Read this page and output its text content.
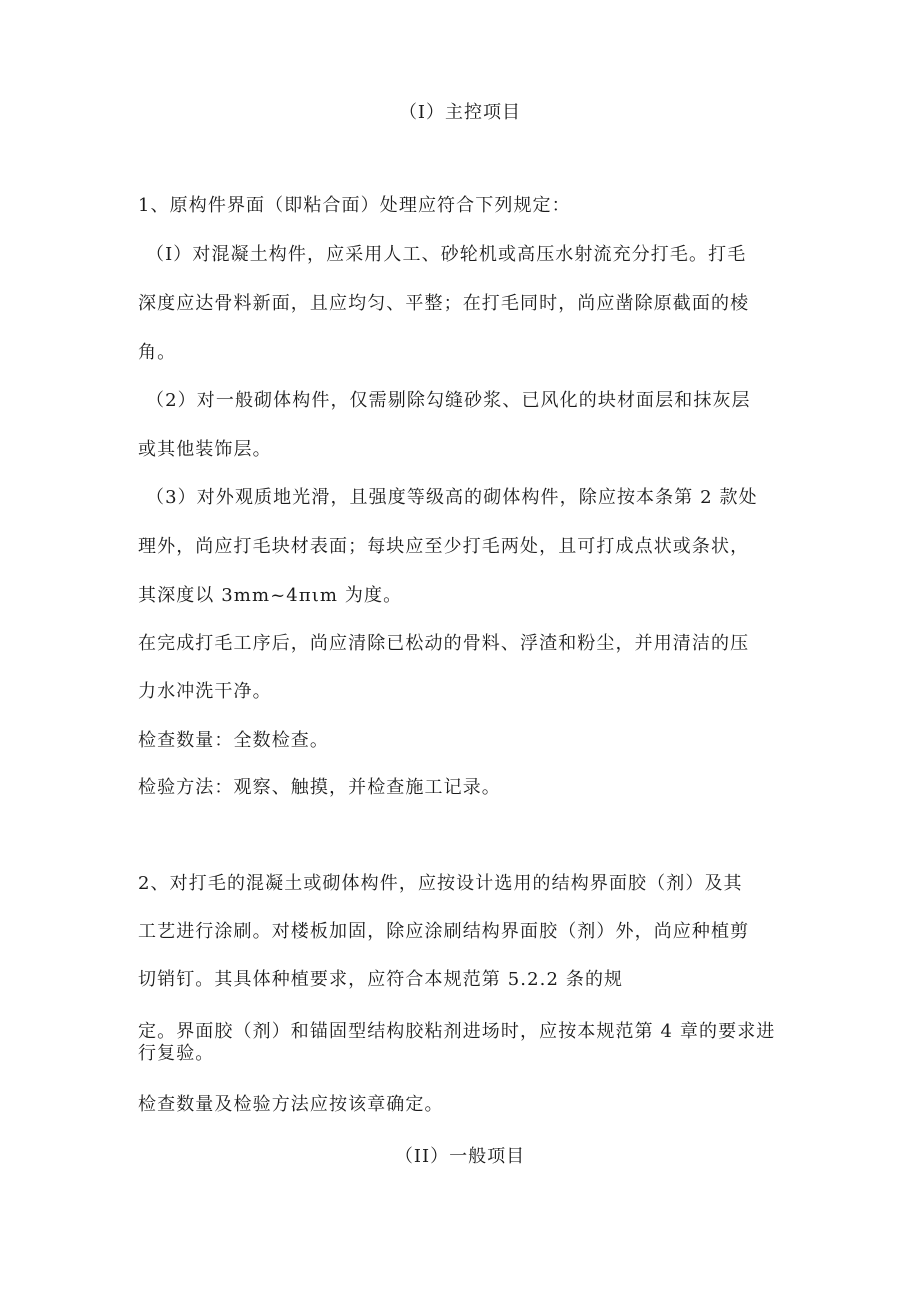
（I）主控项目
1、原构件界面（即粘合面）处理应符合下列规定：
（I）对混凝土构件，应采用人工、砂轮机或高压水射流充分打毛。打毛
深度应达骨料新面，且应均匀、平整；在打毛同时，尚应凿除原截面的棱
角。
（2）对一般砌体构件，仅需剔除勾缝砂浆、已风化的块材面层和抹灰层
或其他装饰层。
（3）对外观质地光滑，且强度等级高的砌体构件，除应按本条第 2 款处
理外，尚应打毛块材表面；每块应至少打毛两处，且可打成点状或条状，
其深度以 3mm~4πιm 为度。
在完成打毛工序后，尚应清除已松动的骨料、浮渣和粉尘，并用清洁的压
力水冲洗干净。
检查数量：全数检查。
检验方法：观察、触摸，并检查施工记录。
2、对打毛的混凝土或砌体构件，应按设计选用的结构界面胶（剂）及其
工艺进行涂刷。对楼板加固，除应涂刷结构界面胶（剂）外，尚应种植剪
切销钉。其具体种植要求，应符合本规范第 5.2.2 条的规
定。界面胶（剂）和锚固型结构胶粘剂进场时，应按本规范第 4 章的要求进行复验。
检查数量及检验方法应按该章确定。
（II）一般项目
